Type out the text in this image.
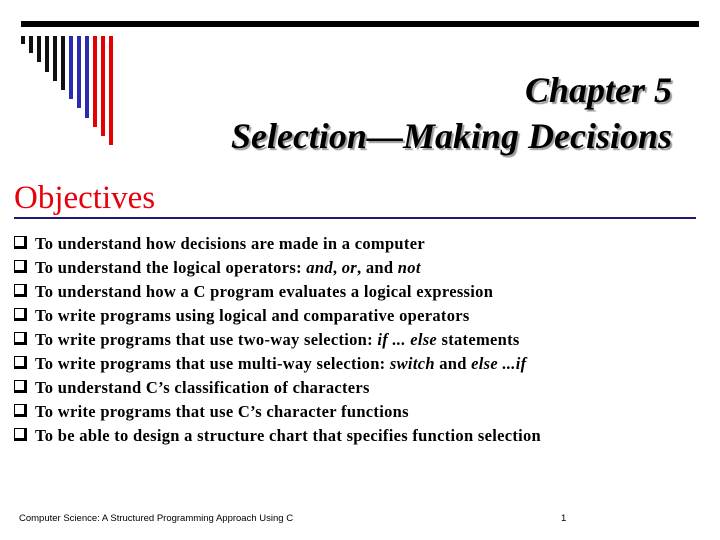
Chapter 5
Selection—Making Decisions
Objectives
To understand how decisions are made in a computer
To understand the logical operators: and, or, and not
To understand how a C program evaluates a logical expression
To write programs using logical and comparative operators
To write programs that use two-way selection: if ... else statements
To write programs that use multi-way selection: switch and else ...if
To understand C’s classification of characters
To write programs that use C’s character functions
To be able to design a structure chart that specifies function selection
Computer Science: A Structured Programming Approach Using C	1
